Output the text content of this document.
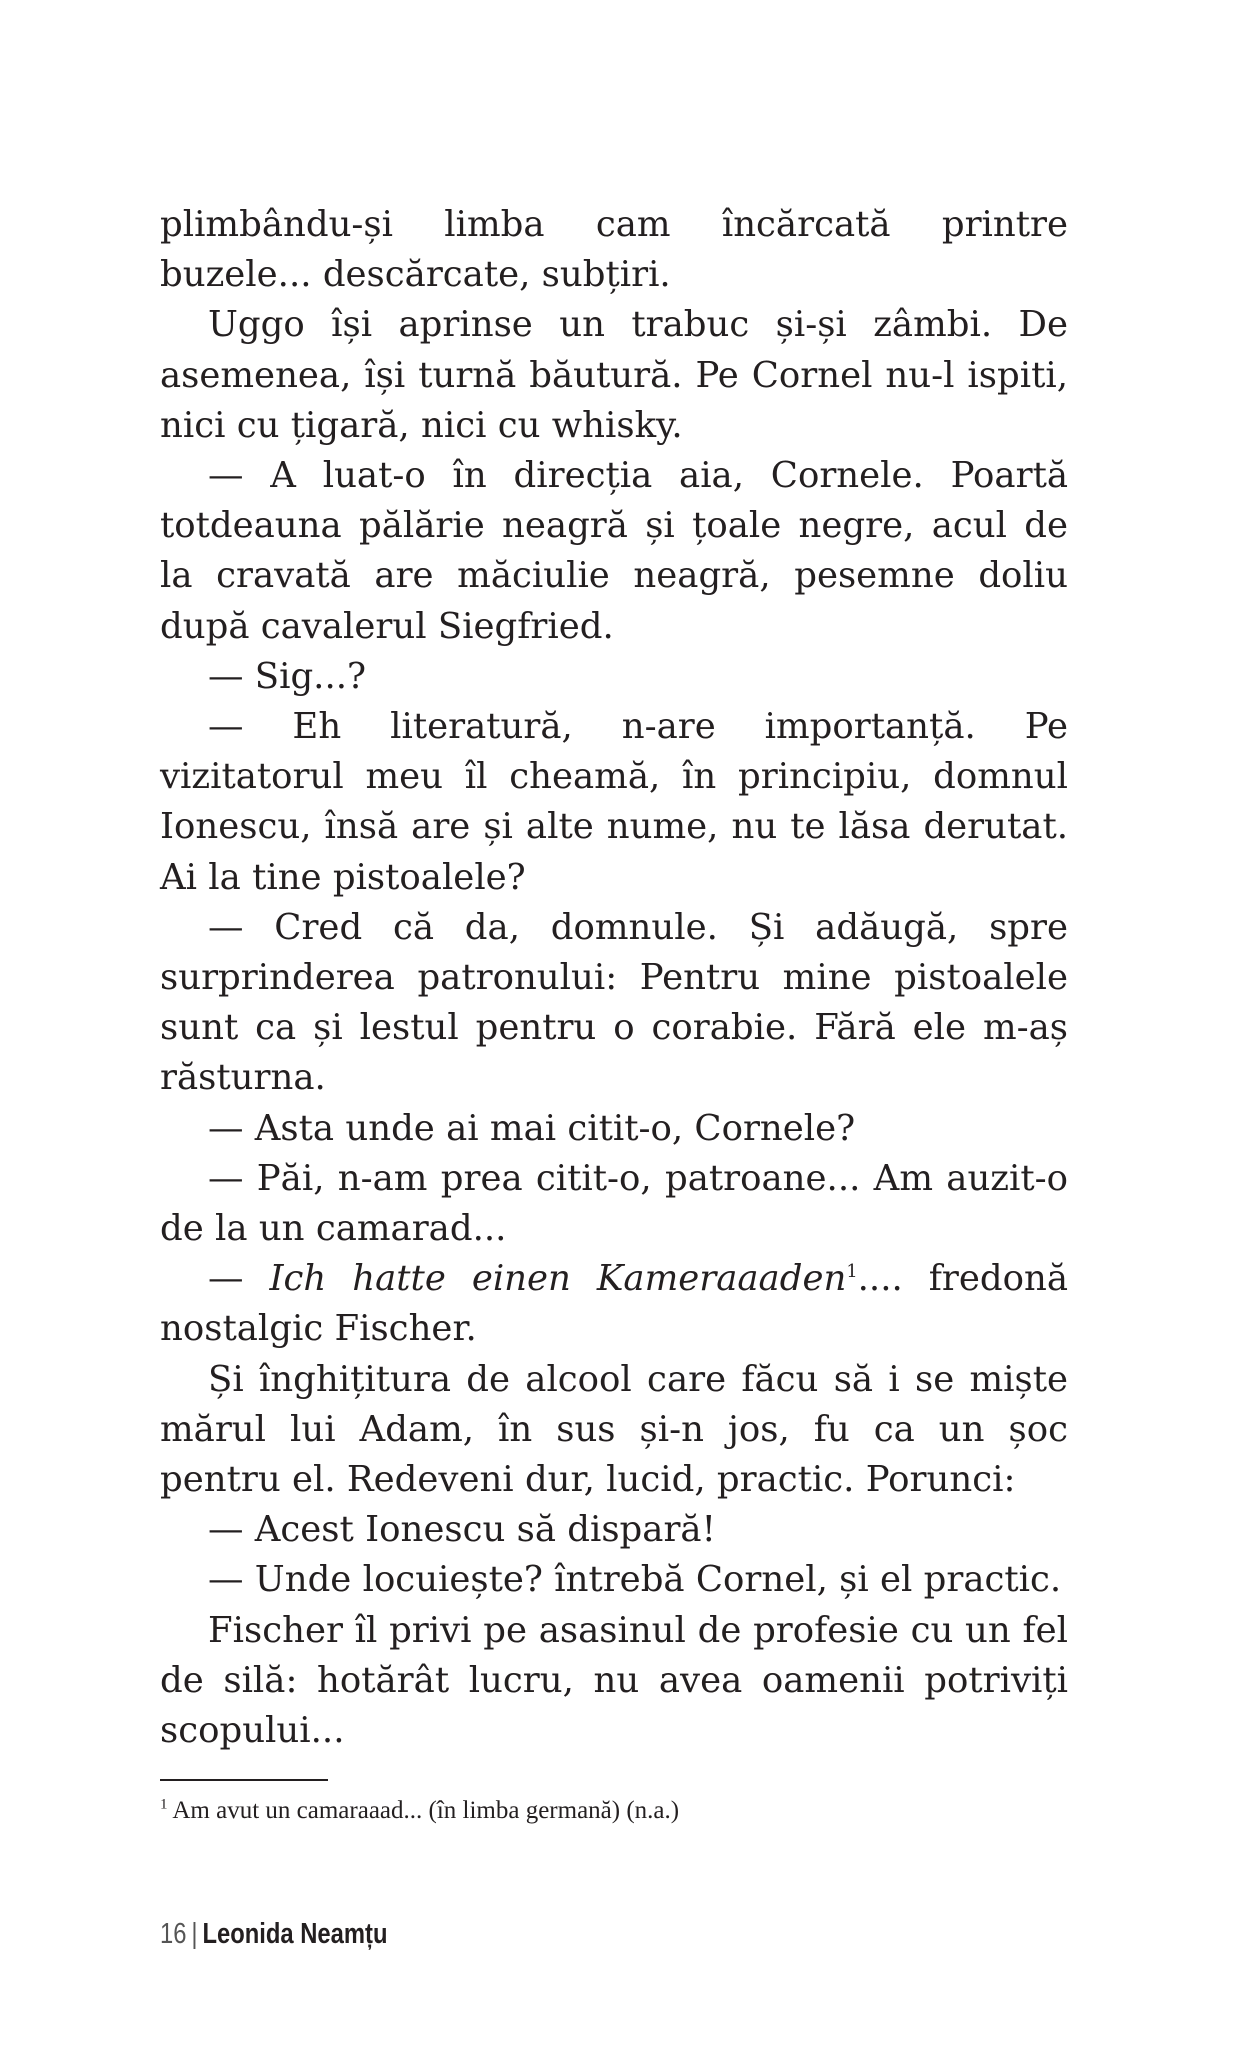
plimbându-și limba cam încărcată printre buzele... descărcate, subțiri.

Uggo își aprinse un trabuc și-și zâmbi. De asemenea, își turnă băutură. Pe Cornel nu-l ispiti, nici cu țigară, nici cu whisky.

— A luat-o în direcția aia, Cornele. Poartă totdeauna pălărie neagră și țoale negre, acul de la cravată are măciulie neagră, pesemne doliu după cavalerul Siegfried.

— Sig...?

— Eh literatură, n-are importanță. Pe vizitatorul meu îl cheamă, în principiu, domnul Ionescu, însă are și alte nume, nu te lăsa derutat. Ai la tine pistoalele?

— Cred că da, domnule. Și adăugă, spre surprinderea patronului: Pentru mine pistoalele sunt ca și lestul pentru o corabie. Fără ele m-aș răsturna.

— Asta unde ai mai citit-o, Cornele?

— Păi, n-am prea citit-o, patroane... Am auzit-o de la un camarad...

— Ich hatte einen Kameraaaden$^1$.... fredonă nostalgic Fischer.

Și înghițitura de alcool care făcu să i se miște mărul lui Adam, în sus și-n jos, fu ca un șoc pentru el. Redeveni dur, lucid, practic. Porunci:

— Acest Ionescu să dispară!

— Unde locuiește? întrebă Cornel, și el practic.

Fischer îl privi pe asasinul de profesie cu un fel de silă: hotărât lucru, nu avea oamenii potriviți scopului...

$^1$ Am avut un camaraaad... (în limba germană) (n.a.)
16 | Leonida Neamțu
